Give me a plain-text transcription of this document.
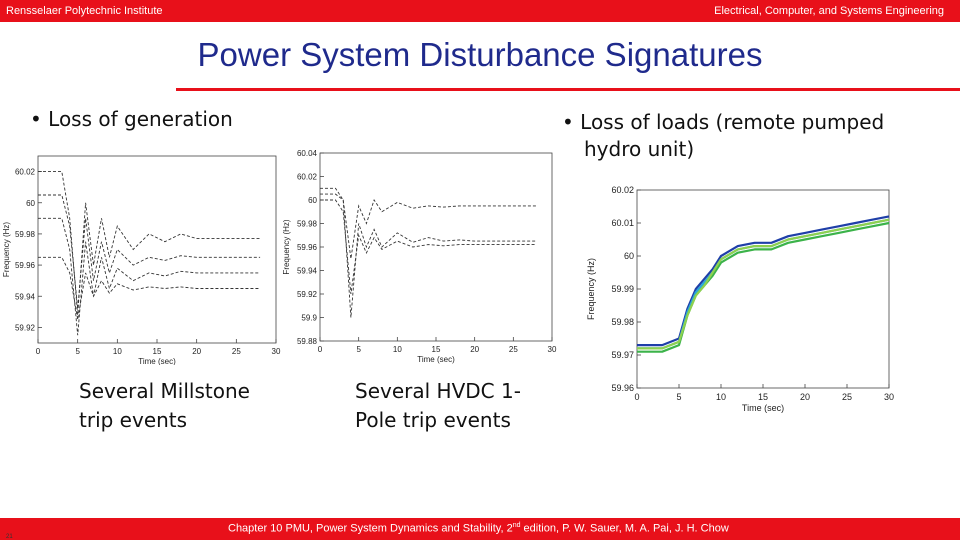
Rensselaer Polytechnic Institute	Electrical, Computer, and Systems Engineering
Power System Disturbance Signatures
• Loss of generation	• Loss of loads (remote pumped
hydro unit)
0	5	10	15	20	25	30
60.02
60
59.98
59.96
59.94
59.92
Time (sec)
Frequency (Hz)
0	5	10	15	20	25	30
60.04
60.02
60
59.98
59.96
59.94
59.92
59.9
59.88
Time (sec)
Frequency (Hz)
0	5	10	15	20	25	30
60.02
60.01
60
59.99
59.98
59.97
59.96
Time (sec)
Frequency (Hz)
Several Millstone
trip events
Several HVDC 1-
Pole trip events
Chapter 10 PMU, Power System Dynamics and Stability, 2nd edition, P. W. Sauer, M. A. Pai, J. H. Chow
21
